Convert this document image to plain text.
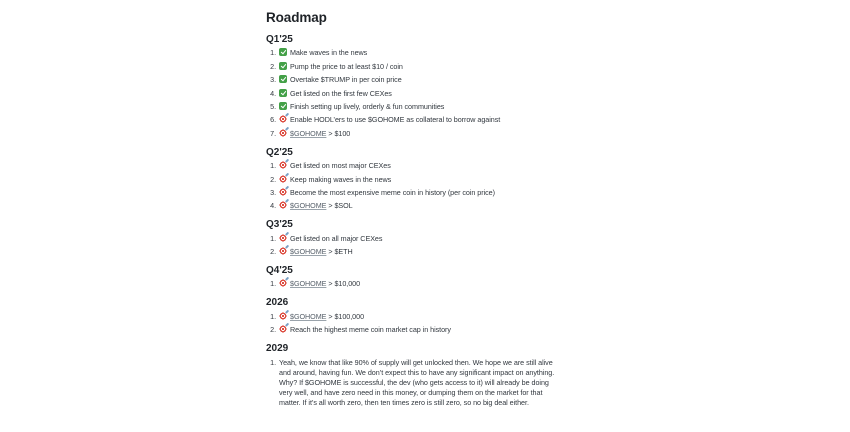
Roadmap
Q1'25
1. Make waves in the news
2. Pump the price to at least $10 / coin
3. Overtake $TRUMP in per coin price
4. Get listed on the first few CEXes
5. Finish setting up lively, orderly & fun communities
6. Enable HODL’ers to use $GOHOME as collateral to borrow against
7. $GOHOME > $100
Q2'25
1. Get listed on most major CEXes
2. Keep making waves in the news
3. Become the most expensive meme coin in history (per coin price)
4. $GOHOME > $SOL
Q3'25
1. Get listed on all major CEXes
2. $GOHOME > $ETH
Q4'25
1. $GOHOME > $10,000
2026
1. $GOHOME > $100,000
2. Reach the highest meme coin market cap in history
2029
1. Yeah, we know that like 90% of supply will get unlocked then. We hope we are still alive and around, having fun. We don’t expect this to have any significant impact on anything. Why? If $GOHOME is successful, the dev (who gets access to it) will already be doing very well, and have zero need in this money, or dumping them on the market for that matter. If it’s all worth zero, then ten times zero is still zero, so no big deal either.
